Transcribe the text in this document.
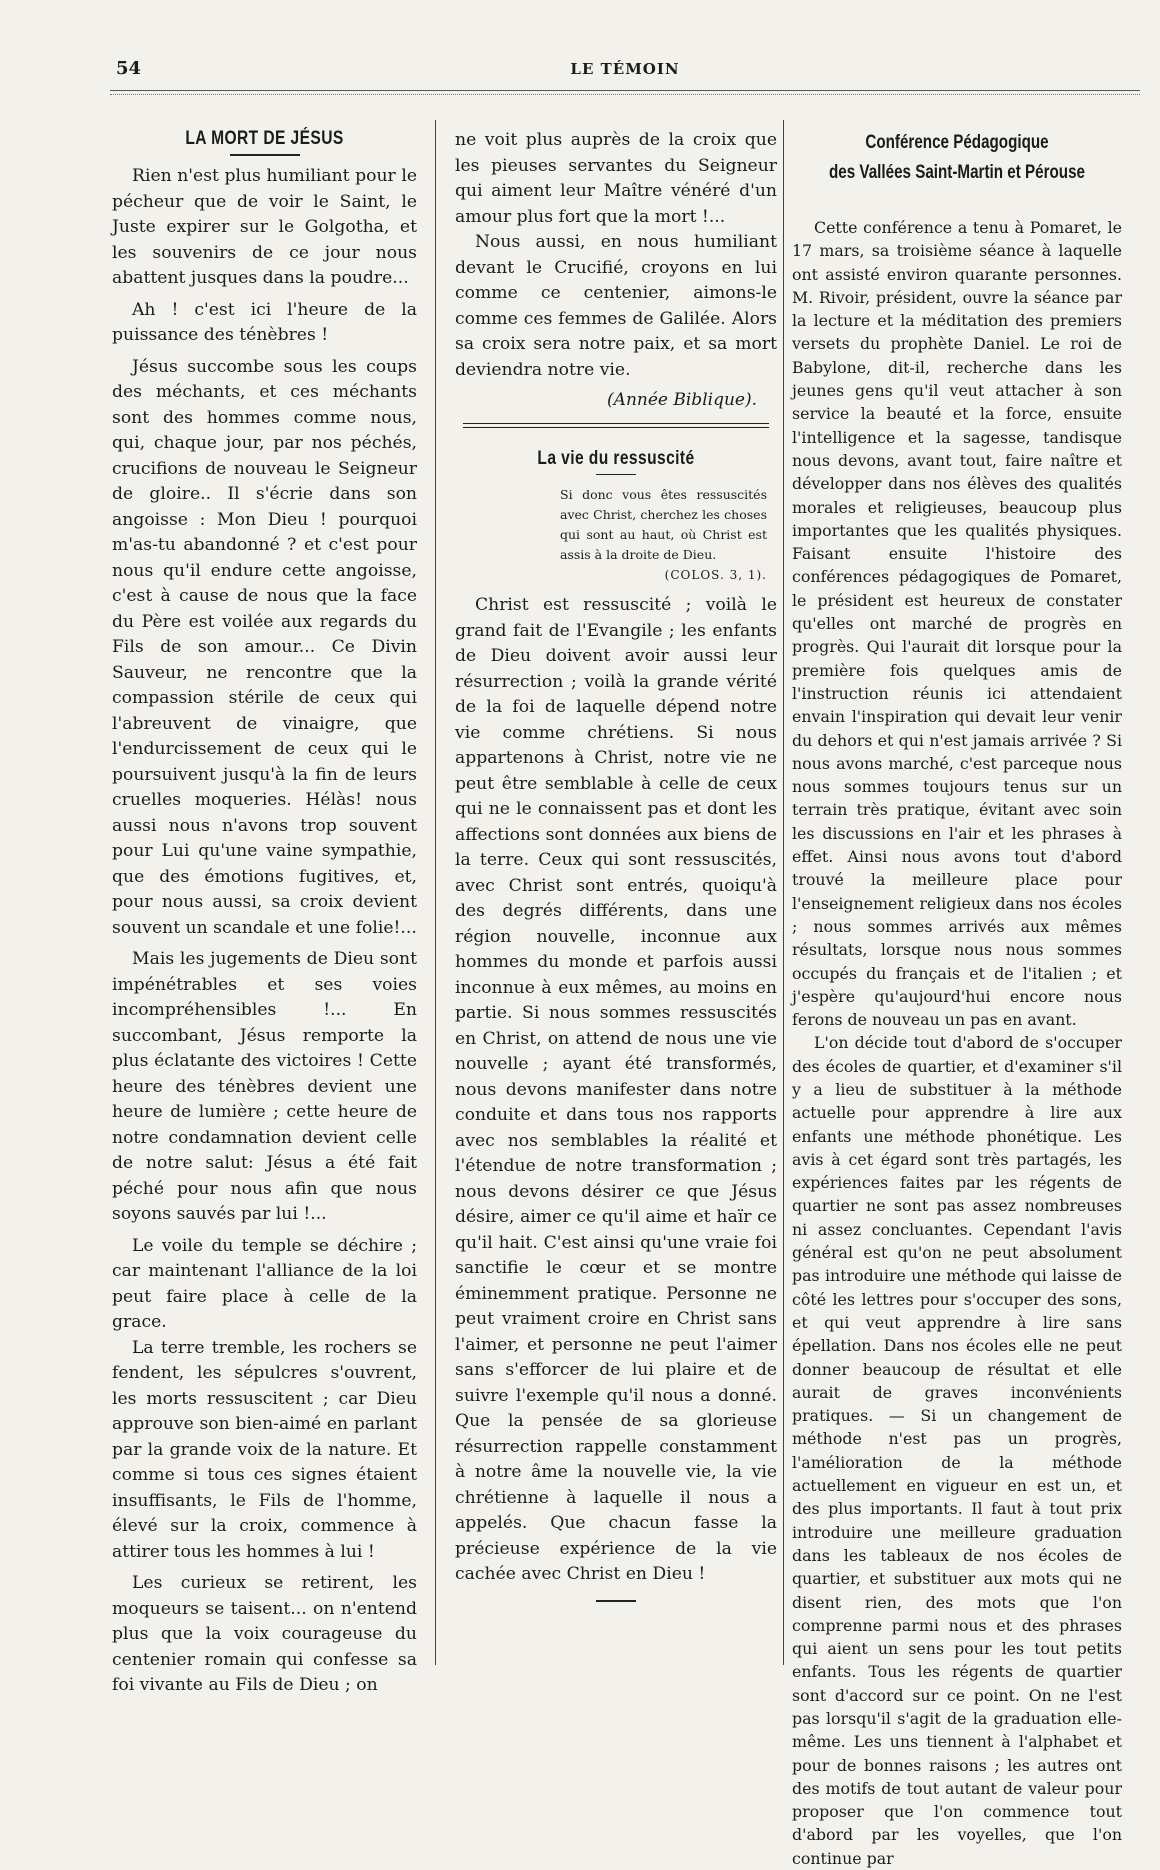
54	LE TÉMOIN
LA MORT DE JÉSUS

Rien n'est plus humiliant pour le pécheur que de voir le Saint, le Juste expirer sur le Golgotha, et les souvenirs de ce jour nous abattent jusques dans la poudre...

Ah ! c'est ici l'heure de la puissance des ténèbres !

Jésus succombe sous les coups des méchants, et ces méchants sont des hommes comme nous, qui, chaque jour, par nos péchés, crucifions de nouveau le Seigneur de gloire.. Il s'écrie dans son angoisse : Mon Dieu ! pourquoi m'as-tu abandonné ? et c'est pour nous qu'il endure cette angoisse, c'est à cause de nous que la face du Père est voilée aux regards du Fils de son amour... Ce Divin Sauveur, ne rencontre que la compassion stérile de ceux qui l'abreuvent de vinaigre, que l'endurcissement de ceux qui le poursuivent jusqu'à la fin de leurs cruelles moqueries. Hélàs! nous aussi nous n'avons trop souvent pour Lui qu'une vaine sympathie, que des émotions fugitives, et, pour nous aussi, sa croix devient souvent un scandale et une folie!...

Mais les jugements de Dieu sont impénétrables et ses voies incompréhensibles !... En succombant, Jésus remporte la plus éclatante des victoires ! Cette heure des ténèbres devient une heure de lumière ; cette heure de notre condamnation devient celle de notre salut: Jésus a été fait péché pour nous afin que nous soyons sauvés par lui !...

Le voile du temple se déchire ; car maintenant l'alliance de la loi peut faire place à celle de la grace.

La terre tremble, les rochers se fendent, les sépulcres s'ouvrent, les morts ressuscitent ; car Dieu approuve son bien-aimé en parlant par la grande voix de la nature. Et comme si tous ces signes étaient insuffisants, le Fils de l'homme, élevé sur la croix, commence à attirer tous les hommes à lui !

Les curieux se retirent, les moqueurs se taisent... on n'entend plus que la voix courageuse du centenier romain qui confesse sa foi vivante au Fils de Dieu ; on

ne voit plus auprès de la croix que les pieuses servantes du Seigneur qui aiment leur Maître vénéré d'un amour plus fort que la mort !...

Nous aussi, en nous humiliant devant le Crucifié, croyons en lui comme ce centenier, aimons-le comme ces femmes de Galilée. Alors sa croix sera notre paix, et sa mort deviendra notre vie.

(Année Biblique).
La vie du ressuscité
Si donc vous êtes ressuscités avec Christ, cherchez les choses qui sont au haut, où Christ est assis à la droite de Dieu.
(COLOS. 3, 1).

Christ est ressuscité ; voilà le grand fait de l'Evangile ; les enfants de Dieu doivent avoir aussi leur résurrection ; voilà la grande vérité de la foi de laquelle dépend notre vie comme chrétiens. Si nous appartenons à Christ, notre vie ne peut être semblable à celle de ceux qui ne le connaissent pas et dont les affections sont données aux biens de la terre. Ceux qui sont ressuscités, avec Christ sont entrés, quoiqu'à des degrés différents, dans une région nouvelle, inconnue aux hommes du monde et parfois aussi inconnue à eux mêmes, au moins en partie. Si nous sommes ressuscités en Christ, on attend de nous une vie nouvelle ; ayant été transformés, nous devons manifester dans notre conduite et dans tous nos rapports avec nos semblables la réalité et l'étendue de notre transformation ; nous devons désirer ce que Jésus désire, aimer ce qu'il aime et haïr ce qu'il hait. C'est ainsi qu'une vraie foi sanctifie le cœur et se montre éminemment pratique. Personne ne peut vraiment croire en Christ sans l'aimer, et personne ne peut l'aimer sans s'efforcer de lui plaire et de suivre l'exemple qu'il nous a donné. Que la pensée de sa glorieuse résurrection rappelle constamment à notre âme la nouvelle vie, la vie chrétienne à laquelle il nous a appelés. Que chacun fasse la précieuse expérience de la vie cachée avec Christ en Dieu !

Conférence Pédagogique
des Vallées Saint-Martin et Pérouse

Cette conférence a tenu à Pomaret, le 17 mars, sa troisième séance à laquelle ont assisté environ quarante personnes. M. Rivoir, président, ouvre la séance par la lecture et la méditation des premiers versets du prophète Daniel. Le roi de Babylone, dit-il, recherche dans les jeunes gens qu'il veut attacher à son service la beauté et la force, ensuite l'intelligence et la sagesse, tandisque nous devons, avant tout, faire naître et développer dans nos élèves des qualités morales et religieuses, beaucoup plus importantes que les qualités physiques. Faisant ensuite l'histoire des conférences pédagogiques de Pomaret, le président est heureux de constater qu'elles ont marché de progrès en progrès. Qui l'aurait dit lorsque pour la première fois quelques amis de l'instruction réunis ici attendaient envain l'inspiration qui devait leur venir du dehors et qui n'est jamais arrivée ? Si nous avons marché, c'est parceque nous nous sommes toujours tenus sur un terrain très pratique, évitant avec soin les discussions en l'air et les phrases à effet. Ainsi nous avons tout d'abord trouvé la meilleure place pour l'enseignement religieux dans nos écoles ; nous sommes arrivés aux mêmes résultats, lorsque nous nous sommes occupés du français et de l'italien ; et j'espère qu'aujourd'hui encore nous ferons de nouveau un pas en avant.

L'on décide tout d'abord de s'occuper des écoles de quartier, et d'examiner s'il y a lieu de substituer à la méthode actuelle pour apprendre à lire aux enfants une méthode phonétique. Les avis à cet égard sont très partagés, les expériences faites par les régents de quartier ne sont pas assez nombreuses ni assez concluantes. Cependant l'avis général est qu'on ne peut absolument pas introduire une méthode qui laisse de côté les lettres pour s'occuper des sons, et qui veut apprendre à lire sans épellation. Dans nos écoles elle ne peut donner beaucoup de résultat et elle aurait de graves inconvénients pratiques. — Si un changement de méthode n'est pas un progrès, l'amélioration de la méthode actuellement en vigueur en est un, et des plus importants. Il faut à tout prix introduire une meilleure graduation dans les tableaux de nos écoles de quartier, et substituer aux mots qui ne disent rien, des mots que l'on comprenne parmi nous et des phrases qui aient un sens pour les tout petits enfants. Tous les régents de quartier sont d'accord sur ce point. On ne l'est pas lorsqu'il s'agit de la graduation elle-même. Les uns tiennent à l'alphabet et pour de bonnes raisons ; les autres ont des motifs de tout autant de valeur pour proposer que l'on commence tout d'abord par les voyelles, que l'on continue par
